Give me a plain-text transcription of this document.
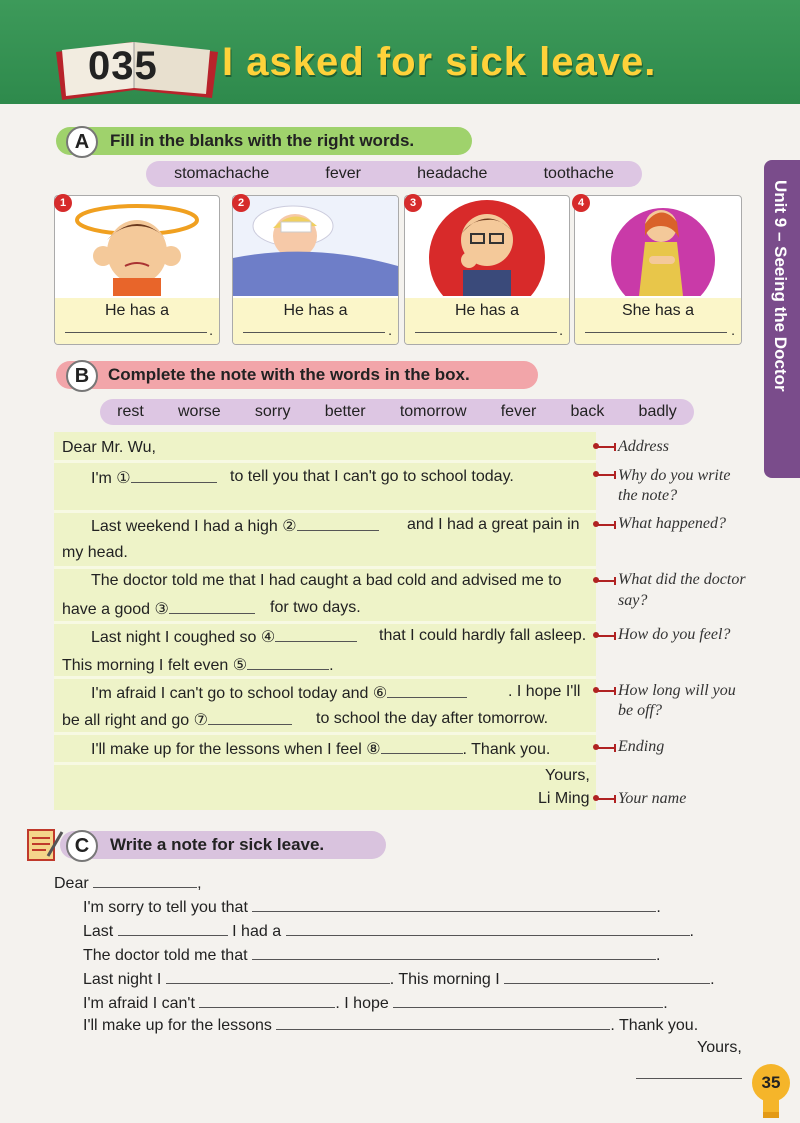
035 I asked for sick leave.
Unit 9 – Seeing the Doctor
Fill in the blanks with the right words.
A
stomachache	fever	headache	toothache
He has a
.
1
He has a
.
2
He has a
.
3
She has a
.
4
Complete the note with the words in the box.
B
rest worse sorry better tomorrow fever back badly
Dear Mr. Wu,
I'm ①	to tell you that I can't go to school today.
Last weekend I had a high ②	and I had a great pain in
my head.
The doctor told me that I had caught a bad cold and advised me to
have a good ③	for two days.
Last night I coughed so ④	that I could hardly fall asleep.
This morning I felt even ⑤	.
I'm afraid I can't go to school today and ⑥	. I hope I'll
be all right and go ⑦	to school the day after tomorrow.
I'll make up for the lessons when I feel ⑧	. Thank you.
Yours,
Li Ming
Address
Why do you write
the note?
What happened?
What did the doctor
say?
How do you feel?
How long will you
be off?
Ending
Your name
Write a note for sick leave.
C
Dear	,
I'm sorry to tell you that	.
Last	I had a	.
The doctor told me that	.
Last night I	. This morning I	.
I'm afraid I can't	. I hope	.
I'll make up for the lessons	. Thank you.
Yours,
35
